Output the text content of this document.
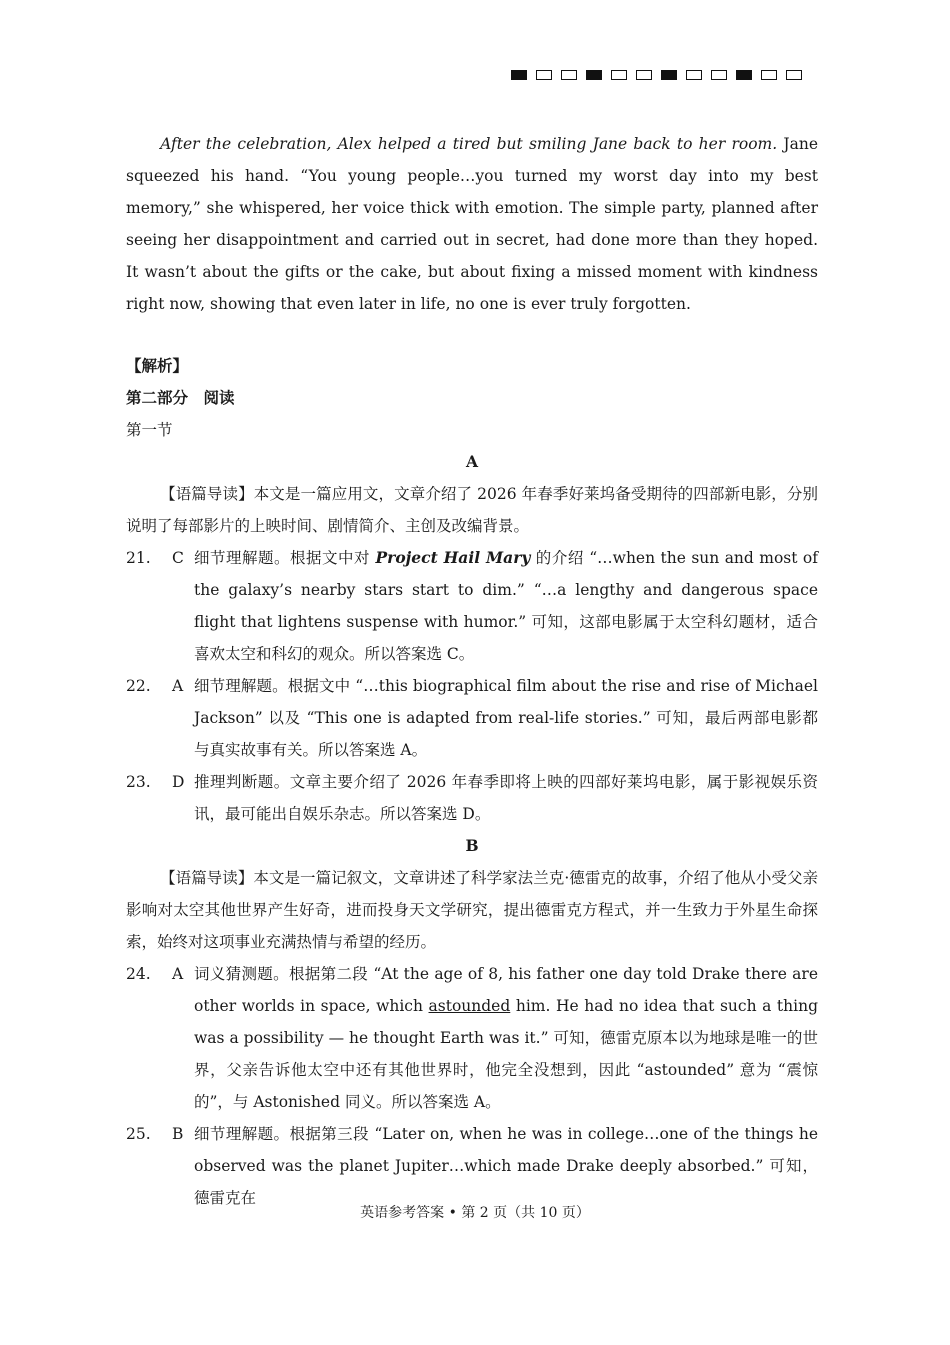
After the celebration, Alex helped a tired but smiling Jane back to her room. Jane squeezed his hand. “You young people…you turned my worst day into my best memory,” she whispered, her voice thick with emotion. The simple party, planned after seeing her disappointment and carried out in secret, had done more than they hoped. It wasn’t about the gifts or the cake, but about fixing a missed moment with kindness right now, showing that even later in life, no one is ever truly forgotten.

【解析】

第二部分　阅读

第一节

A

【语篇导读】本文是一篇应用文，文章介绍了 2026 年春季好莱坞备受期待的四部新电影，分别说明了每部影片的上映时间、剧情简介、主创及改编背景。

21.	C 细节理解题。根据文中对 Project Hail Mary 的介绍 “…when the sun and most of the galaxy’s nearby stars start to dim.” “…a lengthy and dangerous space flight that lightens suspense with humor.” 可知，这部电影属于太空科幻题材，适合喜欢太空和科幻的观众。所以答案选 C。
22.	A 细节理解题。根据文中 “…this biographical film about the rise and rise of Michael Jackson” 以及 “This one is adapted from real-life stories.” 可知，最后两部电影都与真实故事有关。所以答案选 A。
23.	D 推理判断题。文章主要介绍了 2026 年春季即将上映的四部好莱坞电影，属于影视娱乐资讯，最可能出自娱乐杂志。所以答案选 D。

B

【语篇导读】本文是一篇记叙文，文章讲述了科学家法兰克·德雷克的故事，介绍了他从小受父亲影响对太空其他世界产生好奇，进而投身天文学研究，提出德雷克方程式，并一生致力于外星生命探索，始终对这项事业充满热情与希望的经历。

24.	A 词义猜测题。根据第二段 “At the age of 8, his father one day told Drake there are other worlds in space, which astounded him. He had no idea that such a thing was a possibility — he thought Earth was it.” 可知，德雷克原本以为地球是唯一的世界，父亲告诉他太空中还有其他世界时，他完全没想到，因此 “astounded” 意为 “震惊的”，与 Astonished 同义。所以答案选 A。
25.	B 细节理解题。根据第三段 “Later on, when he was in college…one of the things he observed was the planet Jupiter…which made Drake deeply absorbed.” 可知，德雷克在
英语参考答案 • 第 2 页（共 10 页）
